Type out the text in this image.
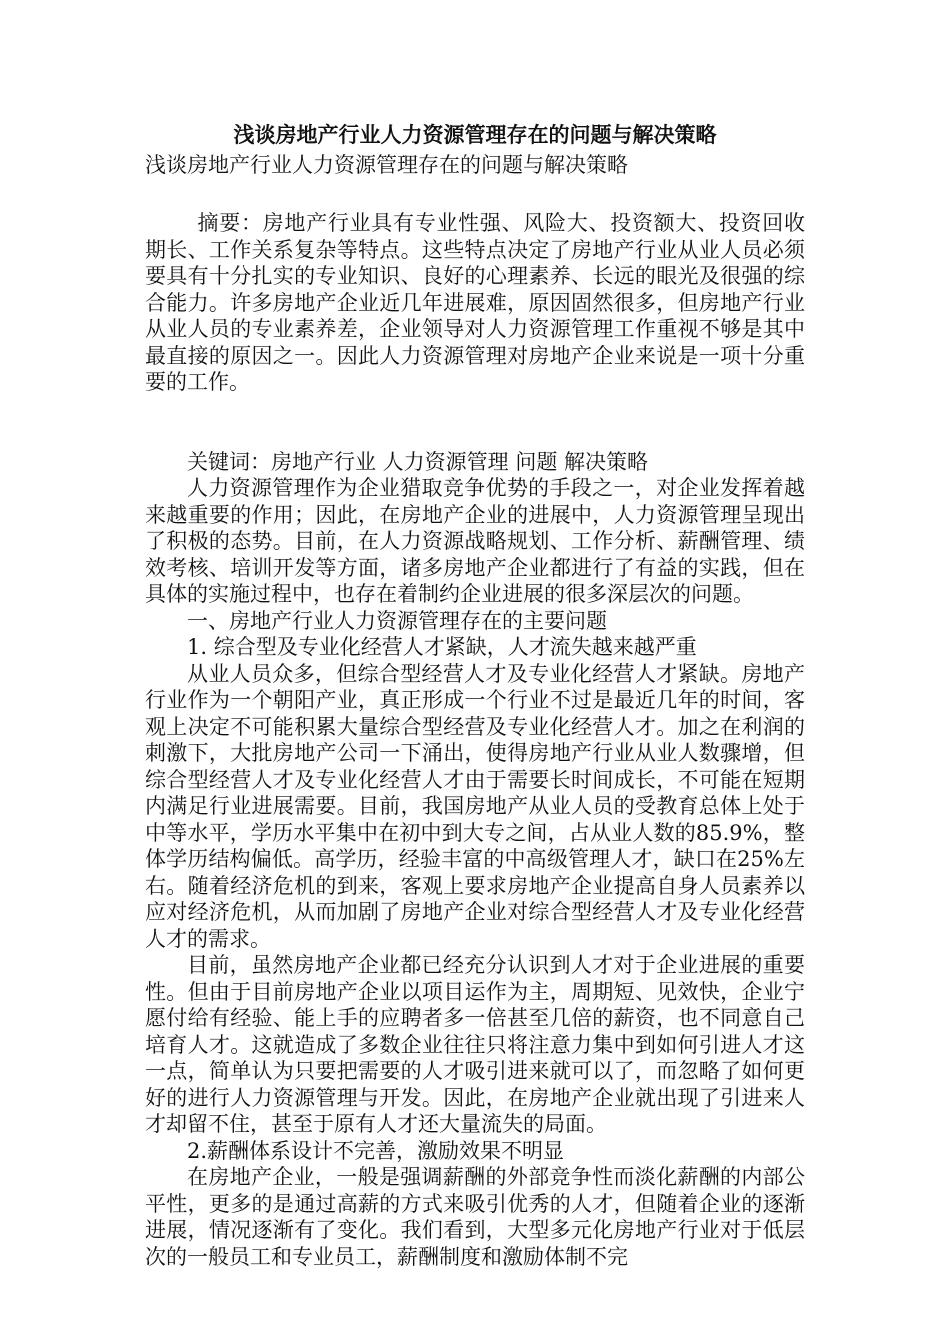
浅谈房地产行业人力资源管理存在的问题与解决策略
浅谈房地产行业人力资源管理存在的问题与解决策略

摘要：房地产行业具有专业性强、风险大、投资额大、投资回收期长、工作关系复杂等特点。这些特点决定了房地产行业从业人员必须要具有十分扎实的专业知识、良好的心理素养、长远的眼光及很强的综合能力。许多房地产企业近几年进展难，原因固然很多，但房地产行业从业人员的专业素养差，企业领导对人力资源管理工作重视不够是其中最直接的原因之一。因此人力资源管理对房地产企业来说是一项十分重要的工作。

关键词：房地产行业 人力资源管理 问题 解决策略

人力资源管理作为企业猎取竞争优势的手段之一，对企业发挥着越来越重要的作用；因此，在房地产企业的进展中，人力资源管理呈现出了积极的态势。目前，在人力资源战略规划、工作分析、薪酬管理、绩效考核、培训开发等方面，诸多房地产企业都进行了有益的实践，但在具体的实施过程中，也存在着制约企业进展的很多深层次的问题。

一、房地产行业人力资源管理存在的主要问题

1. 综合型及专业化经营人才紧缺，人才流失越来越严重

从业人员众多，但综合型经营人才及专业化经营人才紧缺。房地产行业作为一个朝阳产业，真正形成一个行业不过是最近几年的时间，客观上决定不可能积累大量综合型经营及专业化经营人才。加之在利润的刺激下，大批房地产公司一下涌出，使得房地产行业从业人数骤增，但综合型经营人才及专业化经营人才由于需要长时间成长，不可能在短期内满足行业进展需要。目前，我国房地产从业人员的受教育总体上处于中等水平，学历水平集中在初中到大专之间，占从业人数的85.9%，整体学历结构偏低。高学历，经验丰富的中高级管理人才，缺口在25%左右。随着经济危机的到来，客观上要求房地产企业提高自身人员素养以应对经济危机，从而加剧了房地产企业对综合型经营人才及专业化经营人才的需求。

目前，虽然房地产企业都已经充分认识到人才对于企业进展的重要性。但由于目前房地产企业以项目运作为主，周期短、见效快，企业宁愿付给有经验、能上手的应聘者多一倍甚至几倍的薪资，也不同意自己培育人才。这就造成了多数企业往往只将注意力集中到如何引进人才这一点，简单认为只要把需要的人才吸引进来就可以了，而忽略了如何更好的进行人力资源管理与开发。因此，在房地产企业就出现了引进来人才却留不住，甚至于原有人才还大量流失的局面。

2.薪酬体系设计不完善，激励效果不明显

在房地产企业，一般是强调薪酬的外部竞争性而淡化薪酬的内部公平性，更多的是通过高薪的方式来吸引优秀的人才，但随着企业的逐渐进展，情况逐渐有了变化。我们看到，大型多元化房地产行业对于低层次的一般员工和专业员工，薪酬制度和激励体制不完
